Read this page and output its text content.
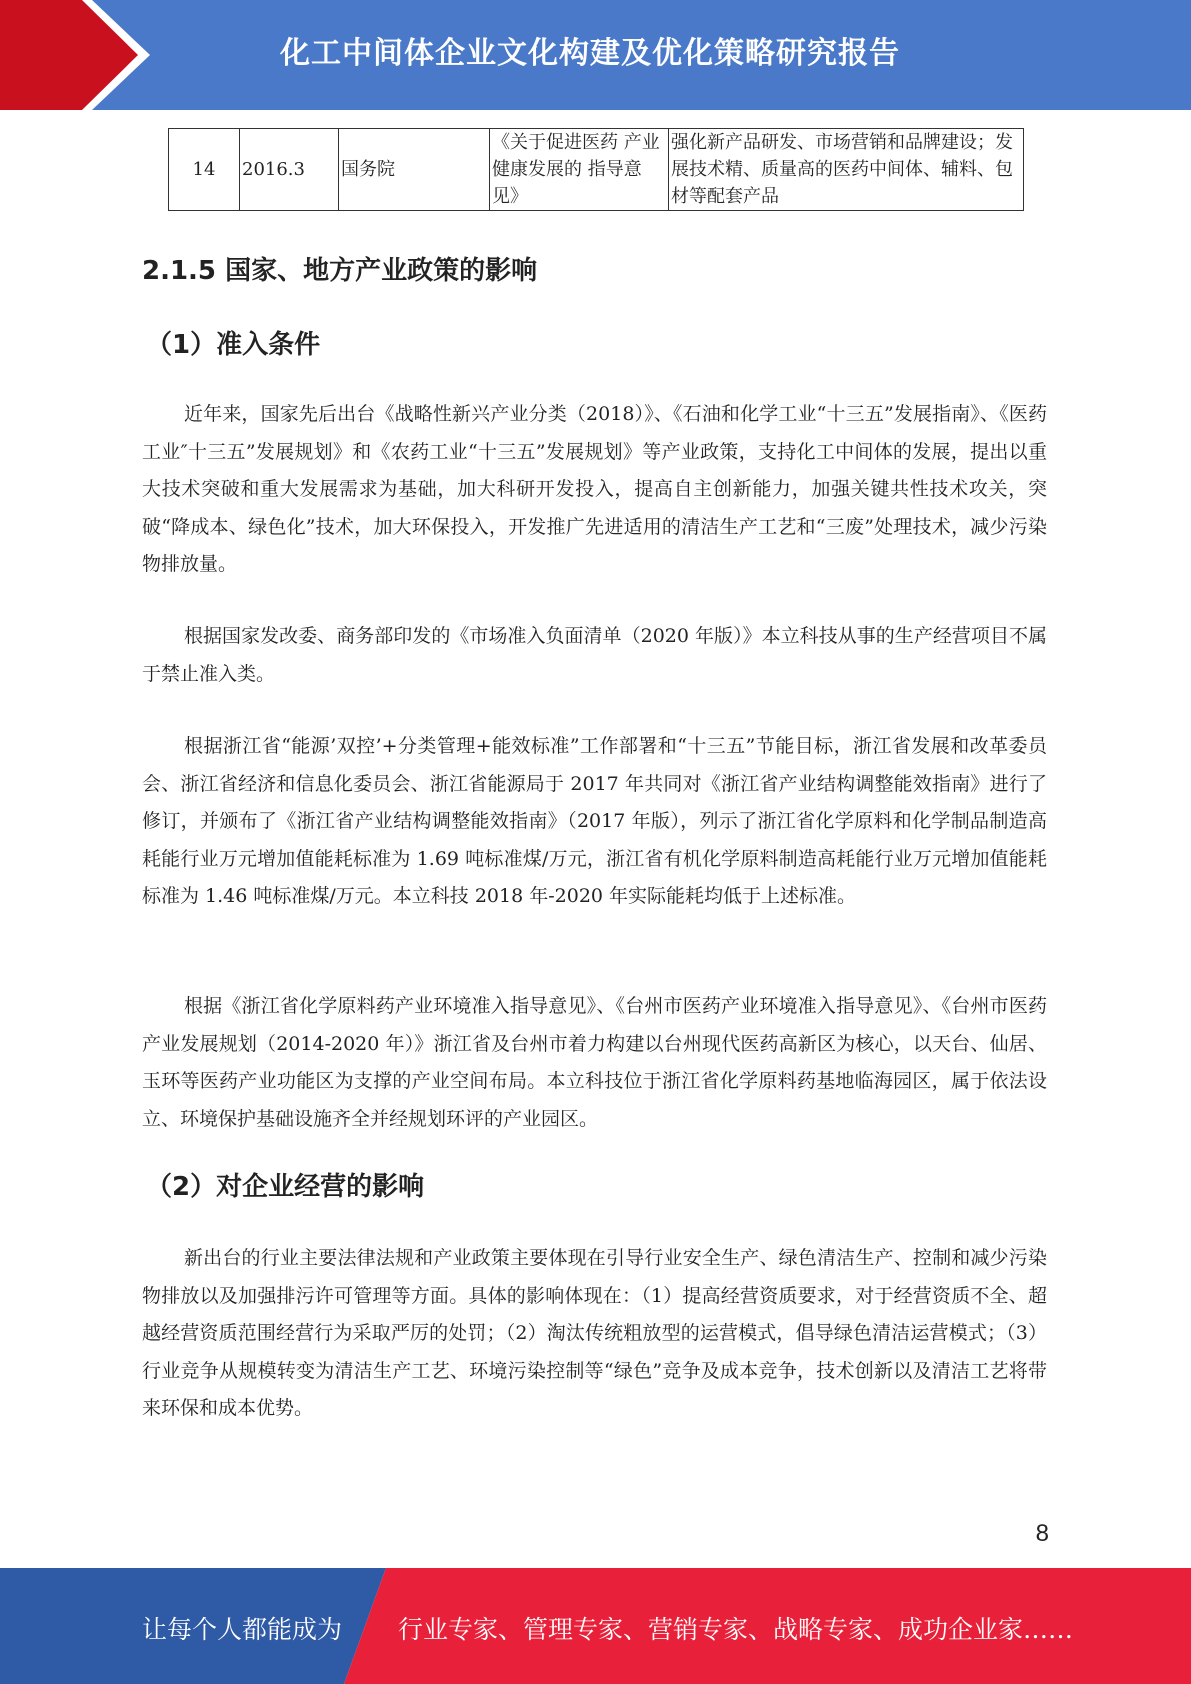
化工中间体企业文化构建及优化策略研究报告
14	2016.3	国务院	《关于促进医药 产业健康发展的 指导意见》	强化新产品研发、市场营销和品牌建设；发展技术精、质量高的医药中间体、辅料、包材等配套产品
2.1.5 国家、地方产业政策的影响
（1）准入条件

近年来，国家先后出台《战略性新兴产业分类（2018）》、《石油和化学工业“十三五”发展指南》、《医药工业″十三五”发展规划》和《农药工业“十三五”发展规划》等产业政策，支持化工中间体的发展，提出以重大技术突破和重大发展需求为基础，加大科研开发投入，提高自主创新能力，加强关键共性技术攻关，突破“降成本、绿色化”技术，加大环保投入，开发推广先进适用的清洁生产工艺和“三废”处理技术，减少污染物排放量。

根据国家发改委、商务部印发的《市场准入负面清单（2020 年版）》本立科技从事的生产经营项目不属于禁止准入类。

根据浙江省“能源’双控’+分类管理+能效标准”工作部署和“十三五”节能目标，浙江省发展和改革委员会、浙江省经济和信息化委员会、浙江省能源局于 2017 年共同对《浙江省产业结构调整能效指南》进行了修订，并颁布了《浙江省产业结构调整能效指南》（2017 年版），列示了浙江省化学原料和化学制品制造高耗能行业万元增加值能耗标准为 1.69 吨标准煤/万元，浙江省有机化学原料制造高耗能行业万元增加值能耗标准为 1.46 吨标准煤/万元。本立科技 2018 年-2020 年实际能耗均低于上述标准。

根据《浙江省化学原料药产业环境准入指导意见》、《台州市医药产业环境准入指导意见》、《台州市医药产业发展规划（2014-2020 年）》浙江省及台州市着力构建以台州现代医药高新区为核心，以天台、仙居、玉环等医药产业功能区为支撑的产业空间布局。本立科技位于浙江省化学原料药基地临海园区，属于依法设立、环境保护基础设施齐全并经规划环评的产业园区。

（2）对企业经营的影响

新出台的行业主要法律法规和产业政策主要体现在引导行业安全生产、绿色清洁生产、控制和减少污染物排放以及加强排污许可管理等方面。具体的影响体现在：（1）提高经营资质要求，对于经营资质不全、超越经营资质范围经营行为采取严厉的处罚；（2）淘汰传统粗放型的运营模式，倡导绿色清洁运营模式；（3）行业竞争从规模转变为清洁生产工艺、环境污染控制等“绿色”竞争及成本竞争，技术创新以及清洁工艺将带来环保和成本优势。

8
让每个人都能成为 行业专家、管理专家、营销专家、战略专家、成功企业家……
